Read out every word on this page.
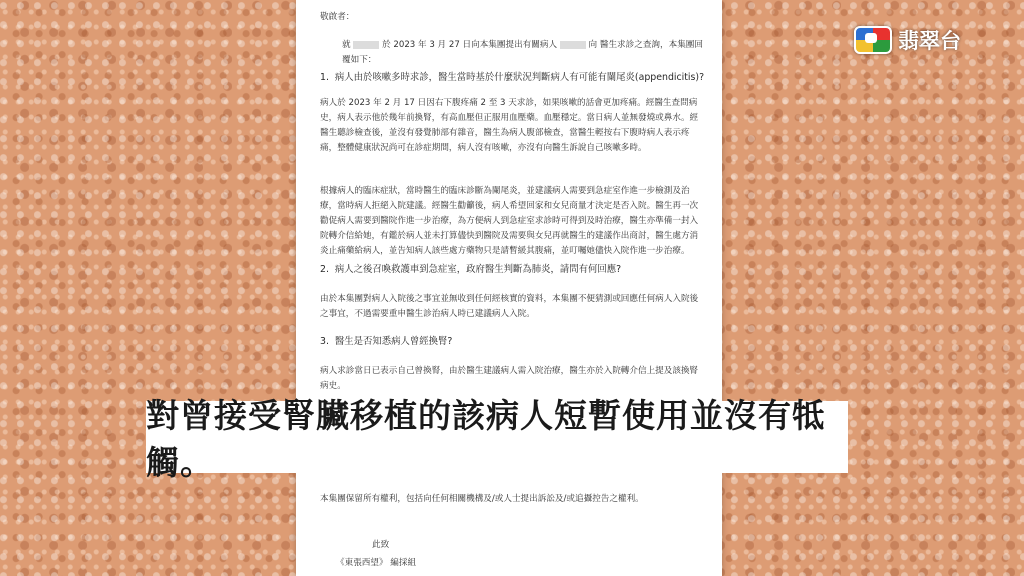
敬啟者：

就	於 2023 年 3 月 27 日向本集團提出有關病人	向 醫生求診之查詢，本集團回覆如下：

1. 病人由於咳嗽多時求診，醫生當時基於什麼狀況判斷病人有可能有闌尾炎(appendicitis)?

病人於 2023 年 2 月 17 日因右下腹疼痛 2 至 3 天求診，如果咳嗽的話會更加疼痛。經醫生查問病史，病人表示他於幾年前換腎，有高血壓但正服用血壓藥。血壓穩定。當日病人並無發燒或鼻水。經醫生聽診檢查後，並沒有發覺肺部有雜音，醫生為病人腹部檢查，當醫生輕按右下腹時病人表示疼痛，整體健康狀況尚可在診症期間，病人沒有咳嗽，亦沒有向醫生訴說自己咳嗽多時。

根據病人的臨床症狀，當時醫生的臨床診斷為闌尾炎，並建議病人需要到急症室作進一步檢測及治療，當時病人拒絕入院建議。經醫生勸籲後，病人希望回家和女兒商量才決定是否入院。醫生再一次勸促病人需要到醫院作進一步治療，為方便病人到急症室求診時可得到及時治療，醫生亦準備一封入院轉介信給她，有鑑於病人並未打算儘快到醫院及需要與女兒再就醫生的建議作出商討，醫生處方消炎止痛藥給病人，並告知病人該些處方藥物只是請暫緩其腹痛，並叮囑她儘快入院作進一步治療。

2. 病人之後召喚救護車到急症室，政府醫生判斷為肺炎，請問有何回應?

由於本集團對病人入院後之事宜並無收到任何經核實的資料，本集團不便猜測或回應任何病人入院後之事宜，不過需要重申醫生診治病人時已建議病人入院。

3. 醫生是否知悉病人曾經換腎?

病人求診當日已表示自己曾換腎，由於醫生建議病人需入院治療，醫生亦於入院轉介信上提及該換腎病史。

本集團保留所有權利，包括向任何相關機構及/或人士提出訴訟及/或追攝控告之權利。

此致

《東張西望》 編採組

翡翠台
對曾接受腎臟移植的該病人短暫使用並沒有牴觸。
